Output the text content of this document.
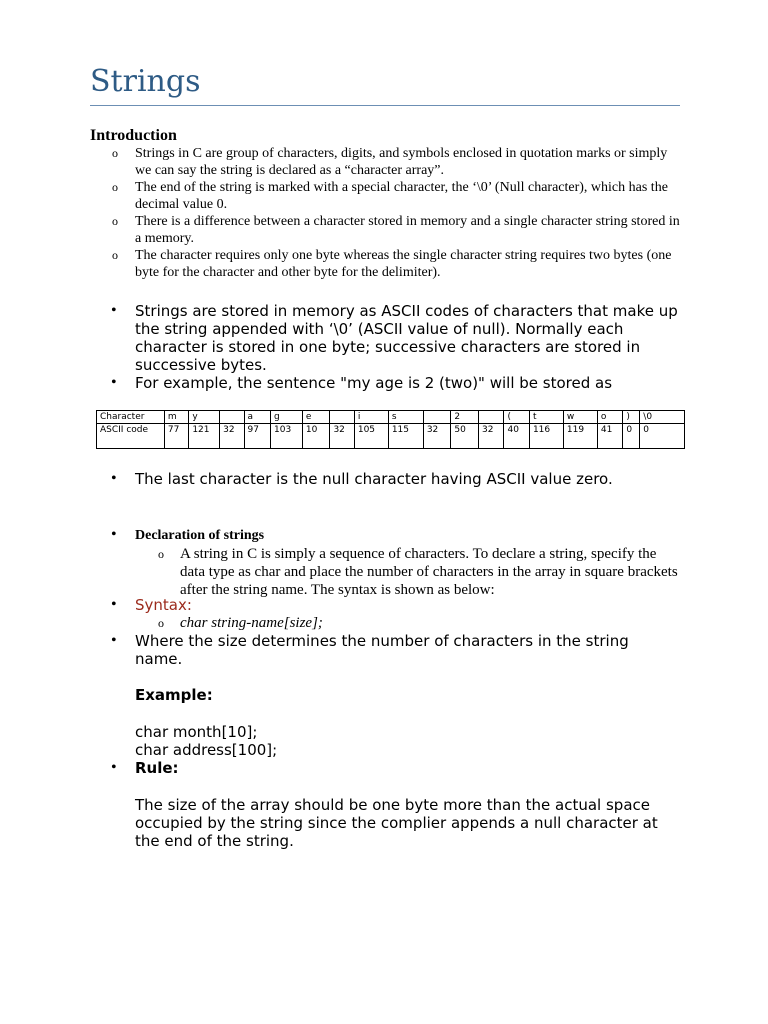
Strings
Introduction
o Strings in C are group of characters, digits, and symbols enclosed in quotation marks or simply we can say the string is declared as a “character array”.
o The end of the string is marked with a special character, the ‘\0’ (Null character), which has the decimal value 0.
o There is a difference between a character stored in memory and a single character string stored in a memory.
o The character requires only one byte whereas the single character string requires two bytes (one byte for the character and other byte for the delimiter).
• Strings are stored in memory as ASCII codes of characters that make up the string appended with ‘\0’ (ASCII value of null). Normally each character is stored in one byte; successive characters are stored in successive bytes.
• For example, the sentence "my age is 2 (two)" will be stored as
Character	m	y		a	g	e		i	s		2		(	t	w	o	)	\0
ASCII code	77	121	32	97	103	10	32	105	115	32	50	32	40	116	119	41	0	0
• The last character is the null character having ASCII value zero.
• Declaration of strings
o A string in C is simply a sequence of characters. To declare a string, specify the data type as char and place the number of characters in the array in square brackets after the string name. The syntax is shown as below:
• Syntax:
o char string-name[size];
• Where the size determines the number of characters in the string name.
Example:
char month[10];
char address[100];
• Rule:
The size of the array should be one byte more than the actual space occupied by the string since the complier appends a null character at the end of the string.
